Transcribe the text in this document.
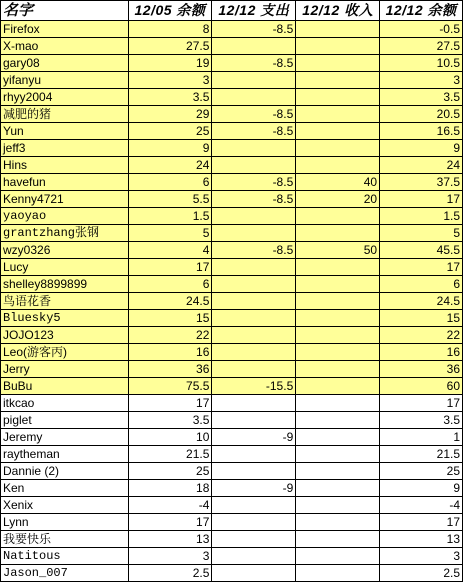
名字	12/05 余额	12/12 支出	12/12 收入	12/12 余额
Firefox	8	-8.5		-0.5
X-mao	27.5			27.5
gary08	19	-8.5		10.5
yifanyu	3			3
rhyy2004	3.5			3.5
减肥的猪	29	-8.5		20.5
Yun	25	-8.5		16.5
jeff3	9			9
Hins	24			24
havefun	6	-8.5	40	37.5
Kenny4721	5.5	-8.5	20	17
yaoyao	1.5			1.5
grantzhang张钢	5			5
wzy0326	4	-8.5	50	45.5
Lucy	17			17
shelley8899899	6			6
鸟语花香	24.5			24.5
Bluesky5	15			15
JOJO123	22			22
Leo(游客丙)	16			16
Jerry	36			36
BuBu	75.5	-15.5		60
itkcao	17			17
piglet	3.5			3.5
Jeremy	10	-9		1
raytheman	21.5			21.5
Dannie (2)	25			25
Ken	18	-9		9
Xenix	-4			-4
Lynn	17			17
我要快乐	13			13
Natitous	3			3
Jason_007	2.5			2.5
